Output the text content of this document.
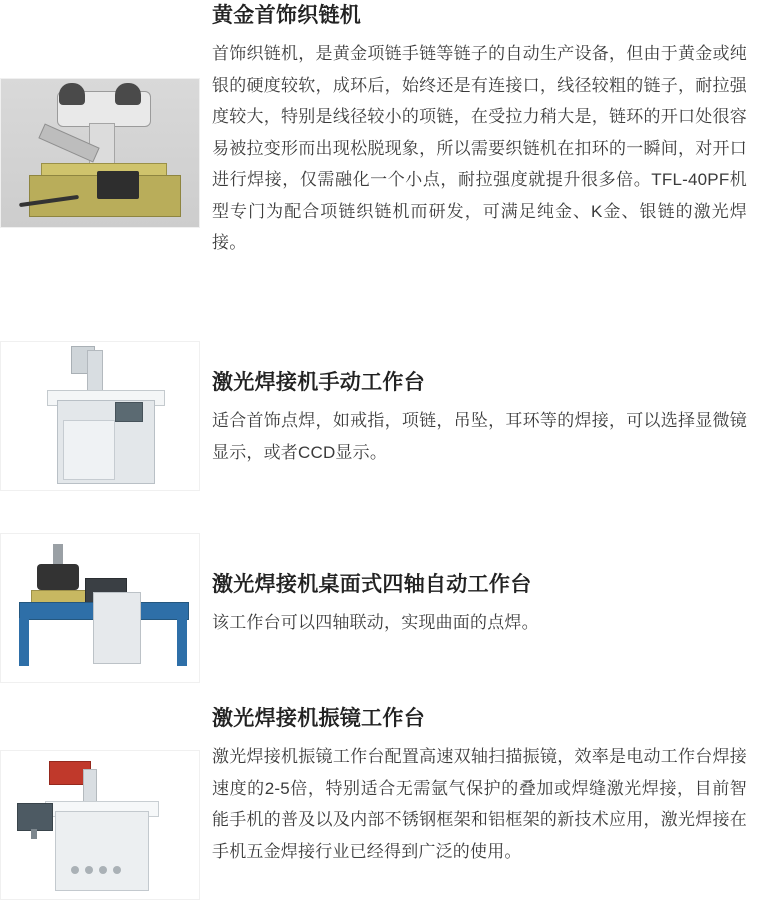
黄金首饰织链机

首饰织链机，是黄金项链手链等链子的自动生产设备，但由于黄金或纯银的硬度较软，成环后，始终还是有连接口，线径较粗的链子，耐拉强度较大，特别是线径较小的项链，在受拉力稍大是，链环的开口处很容易被拉变形而出现松脱现象，所以需要织链机在扣环的一瞬间，对开口进行焊接，仅需融化一个小点，耐拉强度就提升很多倍。TFL-40PF机型专门为配合项链织链机而研发，可满足纯金、K金、银链的激光焊接。

激光焊接机手动工作台

适合首饰点焊，如戒指，项链，吊坠，耳环等的焊接，可以选择显微镜显示，或者CCD显示。

激光焊接机桌面式四轴自动工作台

该工作台可以四轴联动，实现曲面的点焊。

激光焊接机振镜工作台

激光焊接机振镜工作台配置高速双轴扫描振镜，效率是电动工作台焊接速度的2-5倍，特别适合无需氩气保护的叠加或焊缝激光焊接，目前智能手机的普及以及内部不锈钢框架和铝框架的新技术应用，激光焊接在手机五金焊接行业已经得到广泛的使用。
